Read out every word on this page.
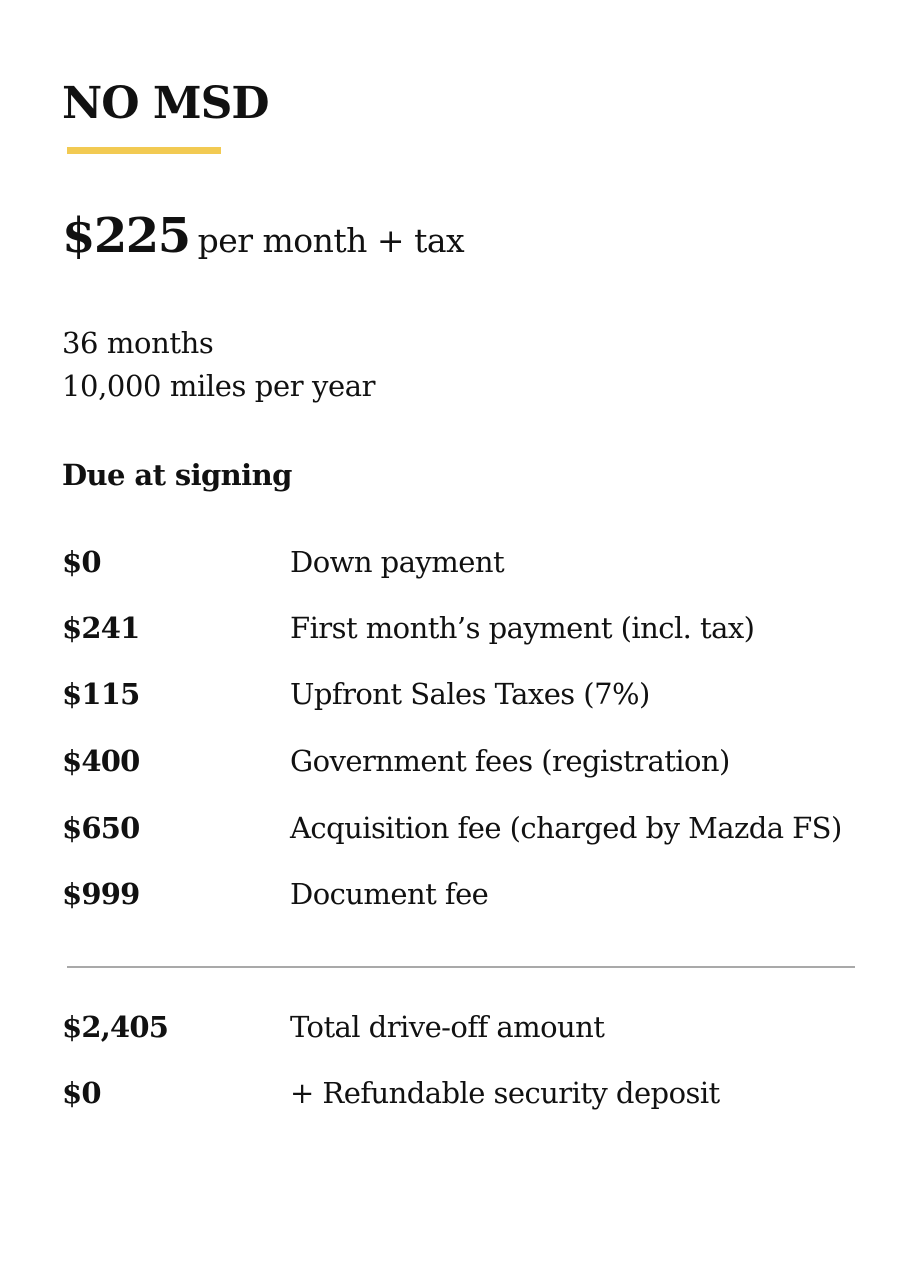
NO MSD
$225 per month + tax
36 months
10,000 miles per year
Due at signing
$0	Down payment
$241	First month’s payment (incl. tax)
$115	Upfront Sales Taxes (7%)
$400	Government fees (registration)
$650	Acquisition fee (charged by Mazda FS)
$999	Document fee
$2,405	Total drive-off amount
$0	+ Refundable security deposit
